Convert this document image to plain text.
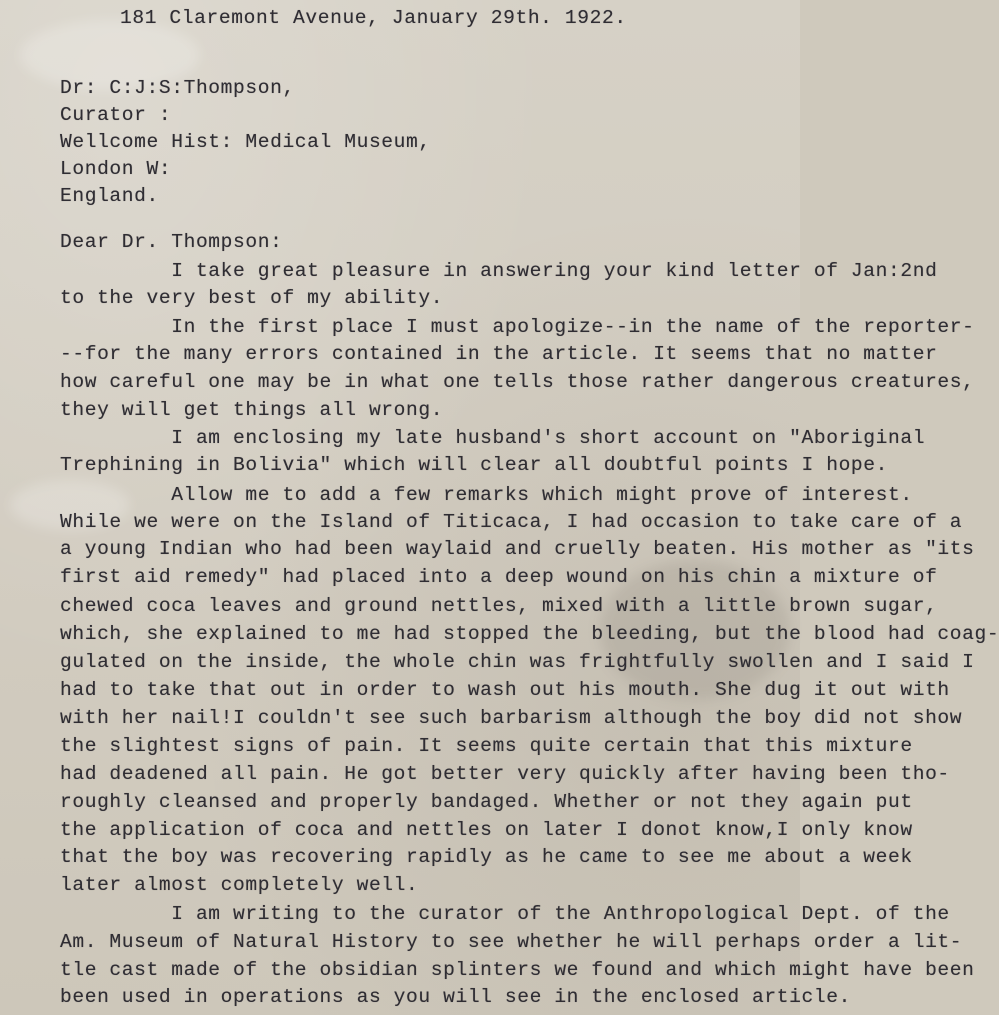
181 Claremont Avenue, January 29th. 1922.
Dr: C:J:S:Thompson,
Curator :
Wellcome Hist: Medical Museum,
London W:
England.
Dear Dr. Thompson:
I take great pleasure in answering your kind letter of Jan:2nd
to the very best of my ability.
In the first place I must apologize--in the name of the reporter-
--for the many errors contained in the article. It seems that no matter
how careful one may be in what one tells those rather dangerous creatures,
they will get things all wrong.
I am enclosing my late husband's short account on "Aboriginal
Trephining in Bolivia" which will clear all doubtful points I hope.
Allow me to add a few remarks which might prove of interest.
While we were on the Island of Titicaca, I had occasion to take care of a
a young Indian who had been waylaid and cruelly beaten. His mother as "its
first aid remedy" had placed into a deep wound on his chin a mixture of
chewed coca leaves and ground nettles, mixed with a little brown sugar,
which, she explained to me had stopped the bleeding, but the blood had coag-
gulated on the inside, the whole chin was frightfully swollen and I said I
had to take that out in order to wash out his mouth. She dug it out with
with her nail!I couldn't see such barbarism although the boy did not show
the slightest signs of pain. It seems quite certain that this mixture
had deadened all pain. He got better very quickly after having been tho-
roughly cleansed and properly bandaged. Whether or not they again put
the application of coca and nettles on later I donot know,I only know
that the boy was recovering rapidly as he came to see me about a week
later almost completely well.
I am writing to the curator of the Anthropological Dept. of the
Am. Museum of Natural History to see whether he will perhaps order a lit-
tle cast made of the obsidian splinters we found and which might have been
been used in operations as you will see in the enclosed article.
